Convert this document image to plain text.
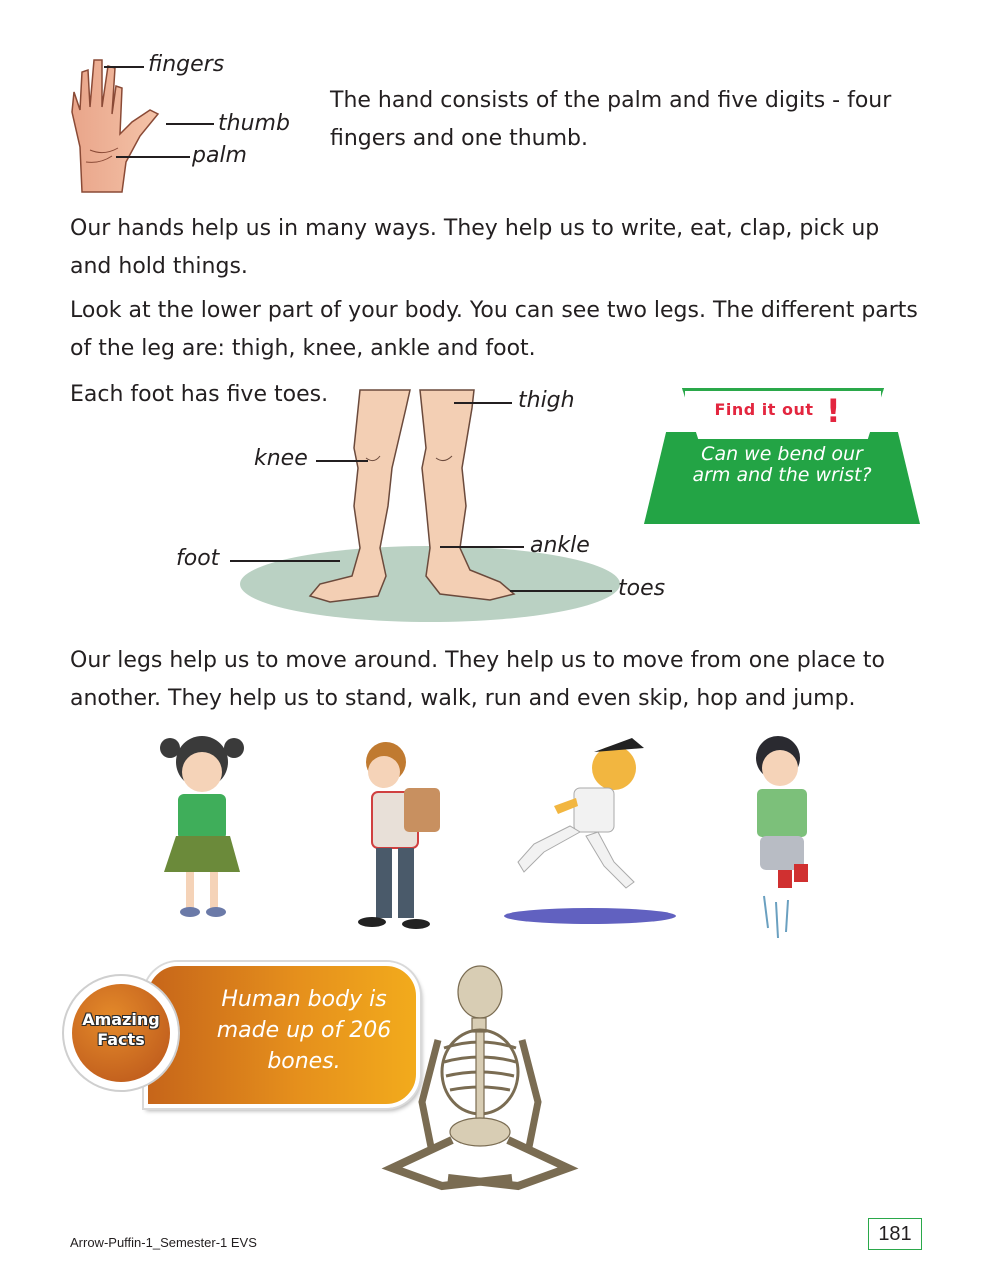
fingers
thumb
palm
The hand consists of the palm and five digits - four fingers and one thumb.
Our hands help us in many ways. They help us to write, eat, clap, pick up and hold things.
Look at the lower part of your body. You can see two legs. The different parts of the leg are: thigh, knee, ankle and foot.
Each foot has five toes.	thigh
knee
ankle
foot
toes
Find it out !
Can we bend our arm and the wrist?
Our legs help us to move around. They help us to move from one place to another. They help us to stand, walk, run and even skip, hop and jump.
Human body is made up of 206 bones.
Amazing
Facts
Arrow-Puffin-1_Semester-1 EVS	181
